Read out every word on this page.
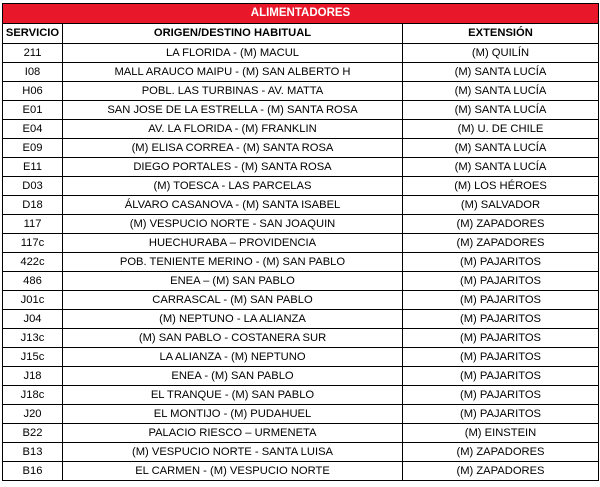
ALIMENTADORES		
SERVICIO	ORIGEN/DESTINO HABITUAL	EXTENSIÓN
211	LA FLORIDA - (M) MACUL	(M) QUILÍN
I08	MALL ARAUCO MAIPU - (M) SAN ALBERTO H	(M) SANTA LUCÍA
H06	POBL. LAS TURBINAS - AV. MATTA	(M) SANTA LUCÍA
E01	SAN JOSE DE LA ESTRELLA - (M) SANTA ROSA	(M) SANTA LUCÍA
E04	AV. LA FLORIDA - (M) FRANKLIN	(M) U. DE CHILE
E09	(M) ELISA CORREA - (M) SANTA ROSA	(M) SANTA LUCÍA
E11	DIEGO PORTALES - (M) SANTA ROSA	(M) SANTA LUCÍA
D03	(M) TOESCA - LAS PARCELAS	(M) LOS HÉROES
D18	ÁLVARO CASANOVA - (M) SANTA ISABEL	(M) SALVADOR
117	(M) VESPUCIO NORTE - SAN JOAQUIN	(M) ZAPADORES
117c	HUECHURABA – PROVIDENCIA	(M) ZAPADORES
422c	POB. TENIENTE MERINO - (M) SAN PABLO	(M) PAJARITOS
486	ENEA – (M) SAN PABLO	(M) PAJARITOS
J01c	CARRASCAL - (M) SAN PABLO	(M) PAJARITOS
J04	(M) NEPTUNO - LA ALIANZA	(M) PAJARITOS
J13c	(M) SAN PABLO - COSTANERA SUR	(M) PAJARITOS
J15c	LA ALIANZA - (M) NEPTUNO	(M) PAJARITOS
J18	ENEA - (M) SAN PABLO	(M) PAJARITOS
J18c	EL TRANQUE - (M) SAN PABLO	(M) PAJARITOS
J20	EL MONTIJO - (M) PUDAHUEL	(M) PAJARITOS
B22	PALACIO RIESCO – URMENETA	(M) EINSTEIN
B13	(M) VESPUCIO NORTE - SANTA LUISA	(M) ZAPADORES
B16	EL CARMEN - (M) VESPUCIO NORTE	(M) ZAPADORES
